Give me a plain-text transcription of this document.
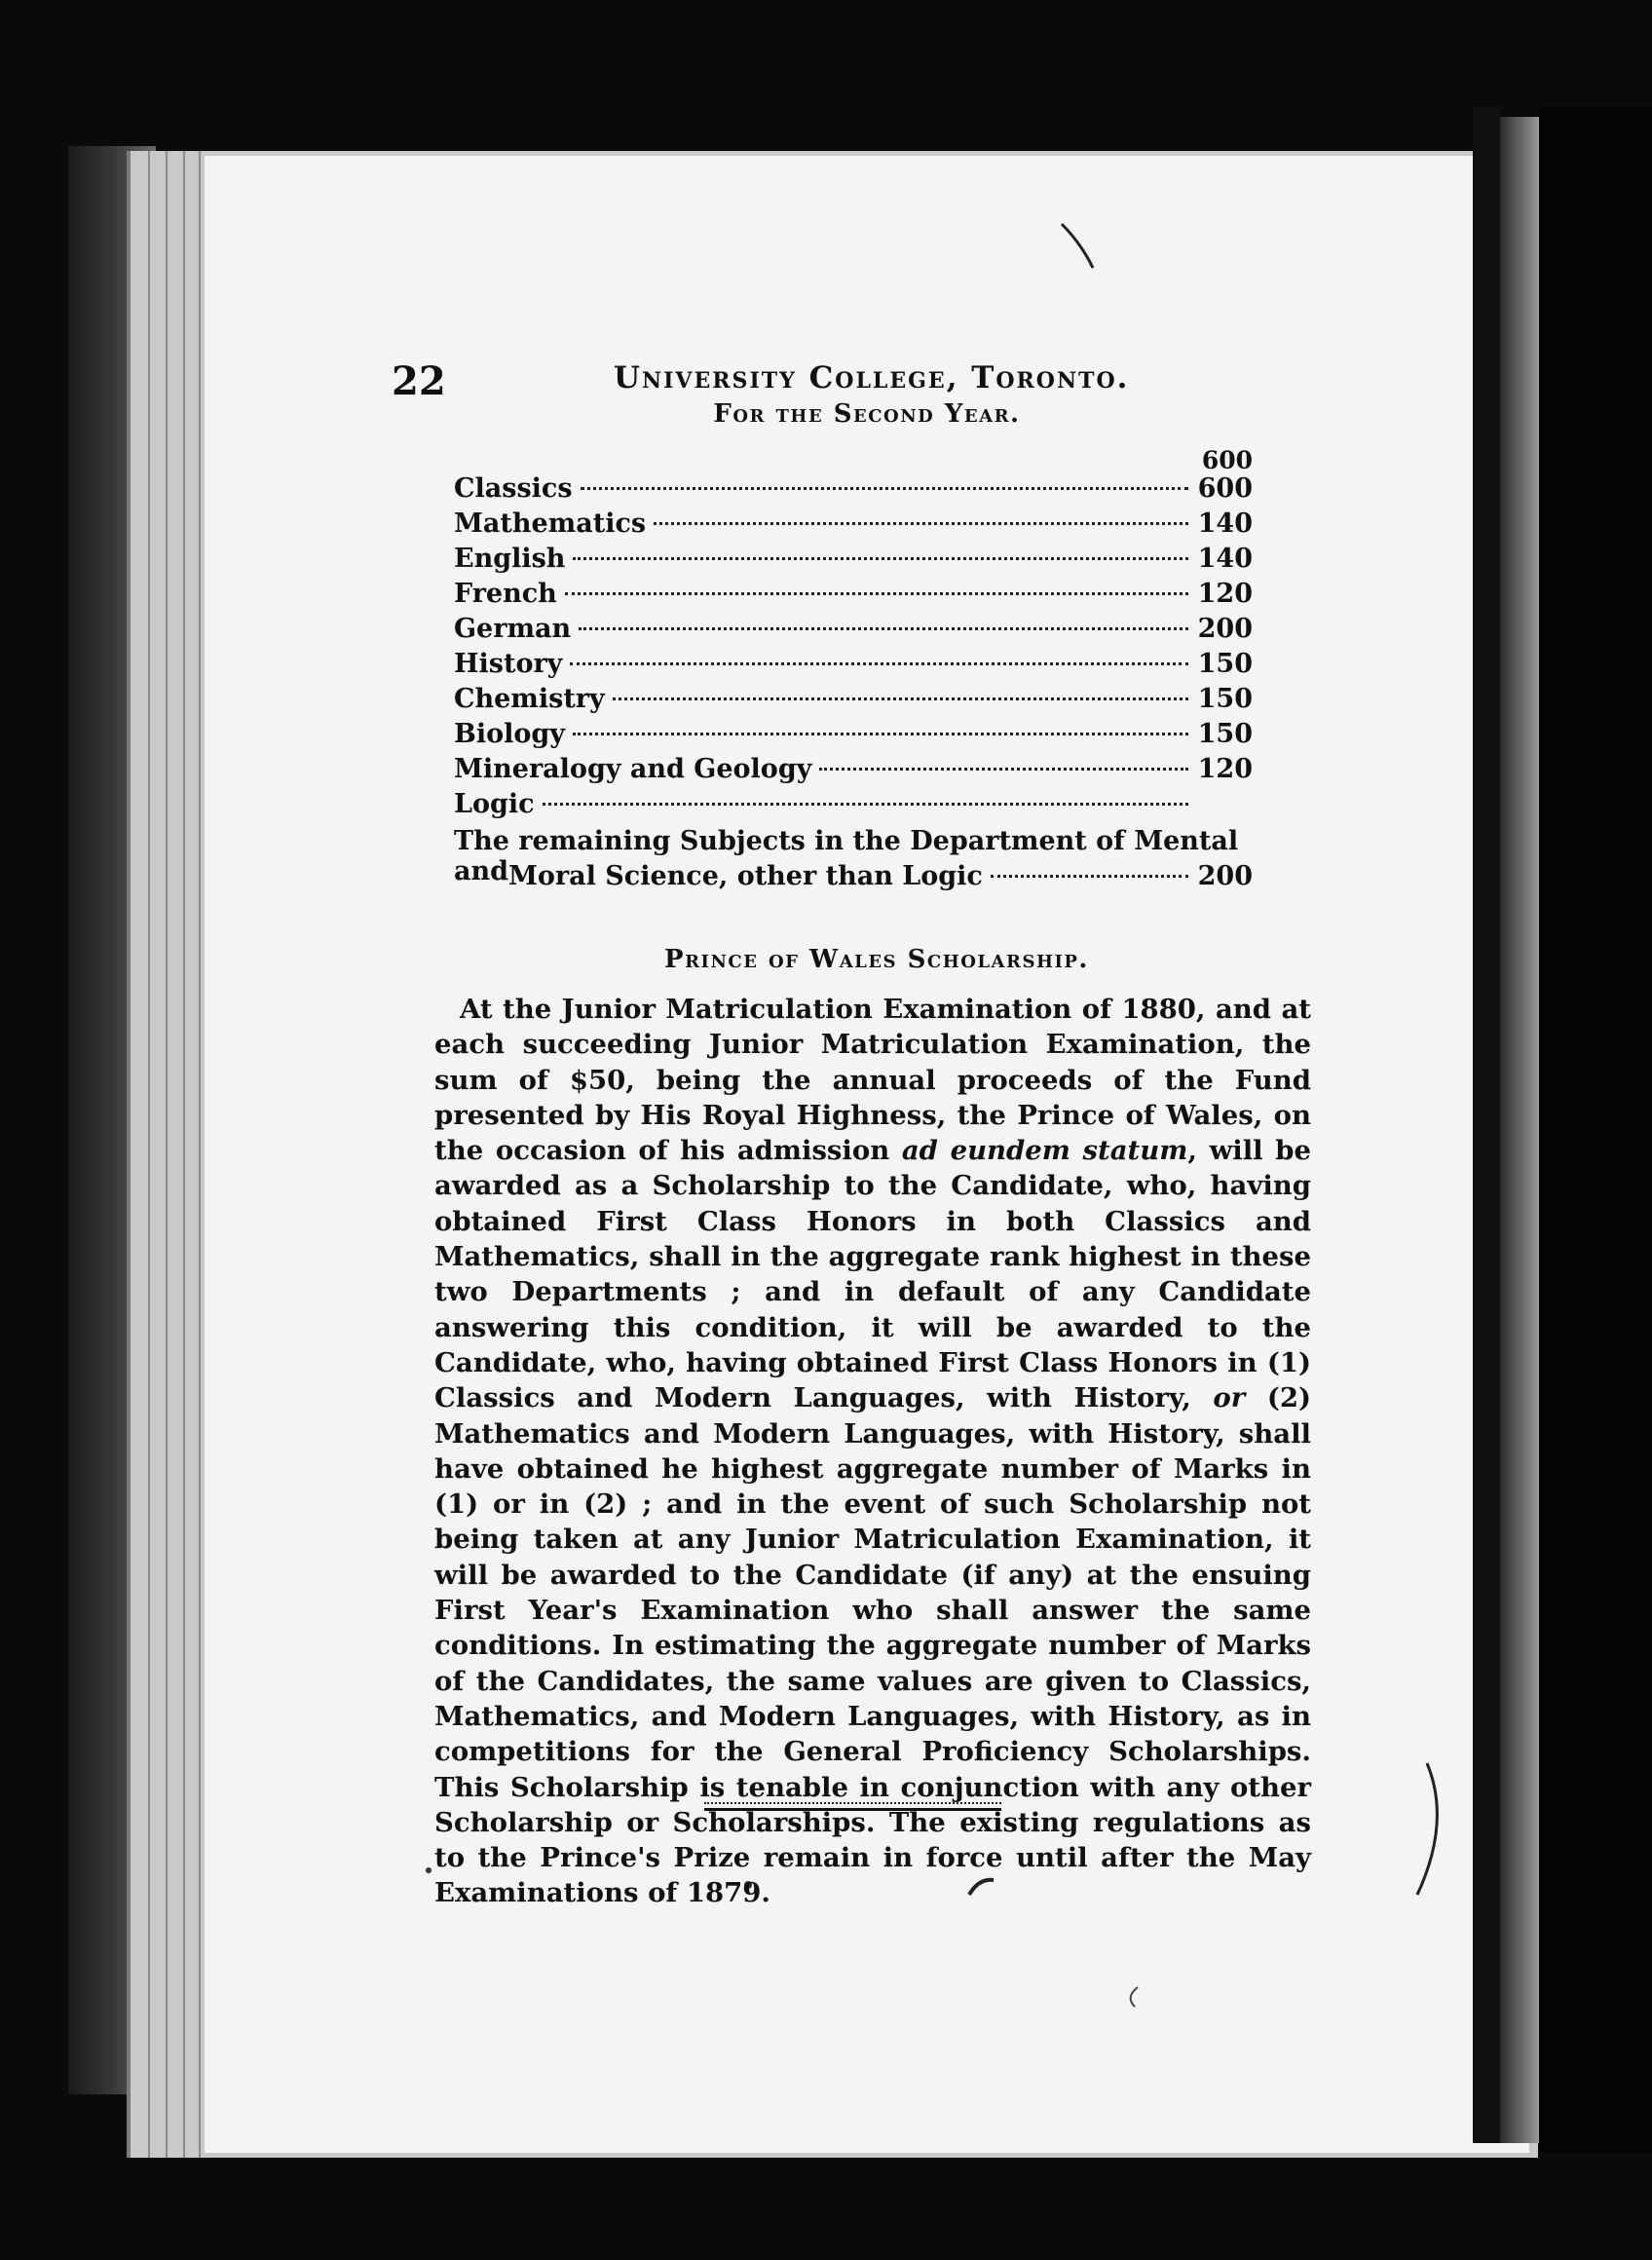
22	University College, Toronto.
For the Second Year.
600
Classics	600
Mathematics	140
English	140
French	120
German	200
History	150
Chemistry	150
Biology	150
Mineralogy and Geology	120
Logic
The remaining Subjects in the Department of Mental and Moral Science, other than Logic	200
Prince of Wales Scholarship.

At the Junior Matriculation Examination of 1880, and at each succeeding Junior Matriculation Examination, the sum of $50, being the annual proceeds of the Fund presented by His Royal Highness, the Prince of Wales, on the occasion of his admission ad eundem statum, will be awarded as a Scholarship to the Candidate, who, having obtained First Class Honors in both Classics and Mathematics, shall in the aggregate rank highest in these two Departments ; and in default of any Candidate answering this condition, it will be awarded to the Candidate, who, having obtained First Class Honors in (1) Classics and Modern Languages, with History, or (2) Mathematics and Modern Languages, with History, shall have obtained he highest aggregate number of Marks in (1) or in (2) ; and in the event of such Scholarship not being taken at any Junior Matriculation Examination, it will be awarded to the Candidate (if any) at the ensuing First Year's Examination who shall answer the same conditions. In estimating the aggregate number of Marks of the Candidates, the same values are given to Classics, Mathematics, and Modern Languages, with History, as in competitions for the General Proficiency Scholarships. This Scholarship is tenable in conjunction with any other Scholarship or Scholarships. The existing regulations as to the Prince's Prize remain in force until after the May Examinations of 1879.
